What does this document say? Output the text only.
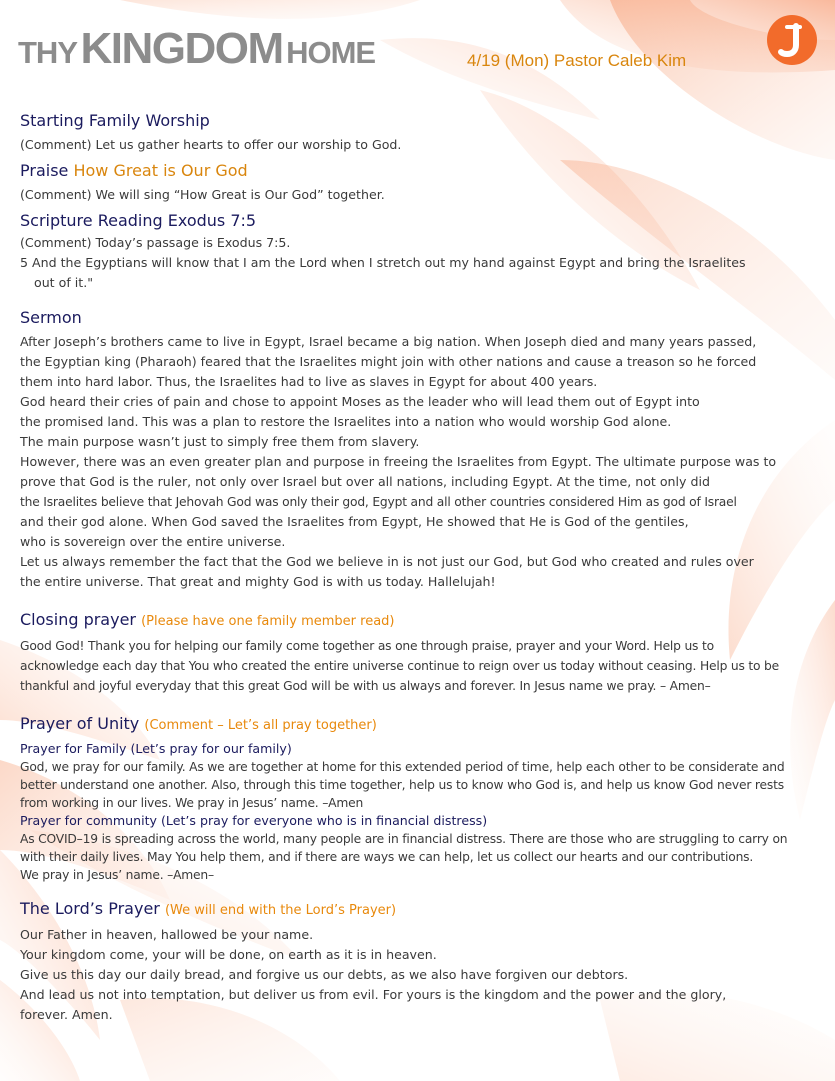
THY KINGDOM HOME	4/19 (Mon) Pastor Caleb Kim
Starting Family Worship
(Comment) Let us gather hearts to offer our worship to God.
Praise How Great is Our God
(Comment) We will sing “How Great is Our God” together.
Scripture Reading Exodus 7:5
(Comment) Today’s passage is Exodus 7:5.
5 And the Egyptians will know that I am the Lord when I stretch out my hand against Egypt and bring the Israelites
out of it."
Sermon
After Joseph’s brothers came to live in Egypt, Israel became a big nation. When Joseph died and many years passed,
the Egyptian king (Pharaoh) feared that the Israelites might join with other nations and cause a treason so he forced
them into hard labor. Thus, the Israelites had to live as slaves in Egypt for about 400 years.
God heard their cries of pain and chose to appoint Moses as the leader who will lead them out of Egypt into
the promised land. This was a plan to restore the Israelites into a nation who would worship God alone.
The main purpose wasn’t just to simply free them from slavery.
However, there was an even greater plan and purpose in freeing the Israelites from Egypt. The ultimate purpose was to
prove that God is the ruler, not only over Israel but over all nations, including Egypt. At the time, not only did
the Israelites believe that Jehovah God was only their god, Egypt and all other countries considered Him as god of Israel
and their god alone. When God saved the Israelites from Egypt, He showed that He is God of the gentiles,
who is sovereign over the entire universe.
Let us always remember the fact that the God we believe in is not just our God, but God who created and rules over
the entire universe. That great and mighty God is with us today. Hallelujah!
Closing prayer (Please have one family member read)
Good God! Thank you for helping our family come together as one through praise, prayer and your Word. Help us to
acknowledge each day that You who created the entire universe continue to reign over us today without ceasing. Help us to be
thankful and joyful everyday that this great God will be with us always and forever. In Jesus name we pray. – Amen–
Prayer of Unity (Comment – Let’s all pray together)
Prayer for Family (Let’s pray for our family)
God, we pray for our family. As we are together at home for this extended period of time, help each other to be considerate and
better understand one another. Also, through this time together, help us to know who God is, and help us know God never rests
from working in our lives. We pray in Jesus’ name. –Amen
Prayer for community (Let’s pray for everyone who is in financial distress)
As COVID–19 is spreading across the world, many people are in financial distress. There are those who are struggling to carry on
with their daily lives. May You help them, and if there are ways we can help, let us collect our hearts and our contributions.
We pray in Jesus’ name. –Amen–
The Lord’s Prayer (We will end with the Lord’s Prayer)
Our Father in heaven, hallowed be your name.
Your kingdom come, your will be done, on earth as it is in heaven.
Give us this day our daily bread, and forgive us our debts, as we also have forgiven our debtors.
And lead us not into temptation, but deliver us from evil. For yours is the kingdom and the power and the glory,
forever. Amen.
